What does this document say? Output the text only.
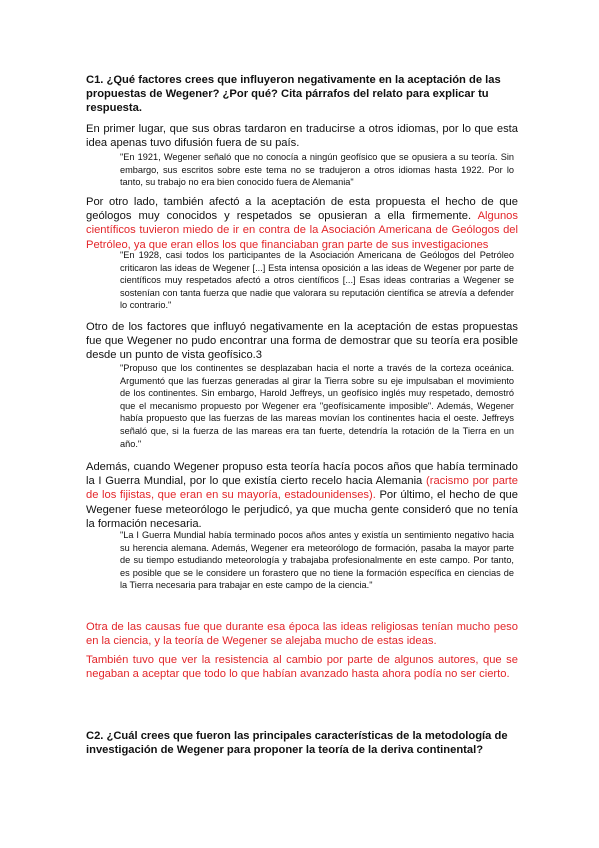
C1. ¿Qué factores crees que influyeron negativamente en la aceptación de las propuestas de Wegener? ¿Por qué? Cita párrafos del relato para explicar tu respuesta.

En primer lugar, que sus obras tardaron en traducirse a otros idiomas, por lo que esta idea apenas tuvo difusión fuera de su país.

"En 1921, Wegener señaló que no conocía a ningún geofísico que se opusiera a su teoría. Sin embargo, sus escritos sobre este tema no se tradujeron a otros idiomas hasta 1922. Por lo tanto, su trabajo no era bien conocido fuera de Alemania"

Por otro lado, también afectó a la aceptación de esta propuesta el hecho de que geólogos muy conocidos y respetados se opusieran a ella firmemente. Algunos científicos tuvieron miedo de ir en contra de la Asociación Americana de Geólogos del Petróleo, ya que eran ellos los que financiaban gran parte de sus investigaciones

"En 1928, casi todos los participantes de la Asociación Americana de Geólogos del Petróleo criticaron las ideas de Wegener [...] Esta intensa oposición a las ideas de Wegener por parte de científicos muy respetados afectó a otros científicos [...] Esas ideas contrarias a Wegener se sostenían con tanta fuerza que nadie que valorara su reputación científica se atrevía a defender lo contrario."

Otro de los factores que influyó negativamente en la aceptación de estas propuestas fue que Wegener no pudo encontrar una forma de demostrar que su teoría era posible desde un punto de vista geofísico.3

"Propuso que los continentes se desplazaban hacia el norte a través de la corteza oceánica. Argumentó que las fuerzas generadas al girar la Tierra sobre su eje impulsaban el movimiento de los continentes. Sin embargo, Harold Jeffreys, un geofísico inglés muy respetado, demostró que el mecanismo propuesto por Wegener era "geofísicamente imposible". Además, Wegener había propuesto que las fuerzas de las mareas movían los continentes hacia el oeste. Jeffreys señaló que, si la fuerza de las mareas era tan fuerte, detendría la rotación de la Tierra en un año."

Además, cuando Wegener propuso esta teoría hacía pocos años que había terminado la I Guerra Mundial, por lo que existía cierto recelo hacia Alemania (racismo por parte de los fijistas, que eran en su mayoría, estadounidenses). Por último, el hecho de que Wegener fuese meteorólogo le perjudicó, ya que mucha gente consideró que no tenía la formación necesaria.

"La I Guerra Mundial había terminado pocos años antes y existía un sentimiento negativo hacia su herencia alemana. Además, Wegener era meteorólogo de formación, pasaba la mayor parte de su tiempo estudiando meteorología y trabajaba profesionalmente en este campo. Por tanto, es posible que se le considere un forastero que no tiene la formación específica en ciencias de la Tierra necesaria para trabajar en este campo de la ciencia."

Otra de las causas fue que durante esa época las ideas religiosas tenían mucho peso en la ciencia, y la teoría de Wegener se alejaba mucho de estas ideas.

También tuvo que ver la resistencia al cambio por parte de algunos autores, que se negaban a aceptar que todo lo que habían avanzado hasta ahora podía no ser cierto.

C2. ¿Cuál crees que fueron las principales características de la metodología de investigación de Wegener para proponer la teoría de la deriva continental?
